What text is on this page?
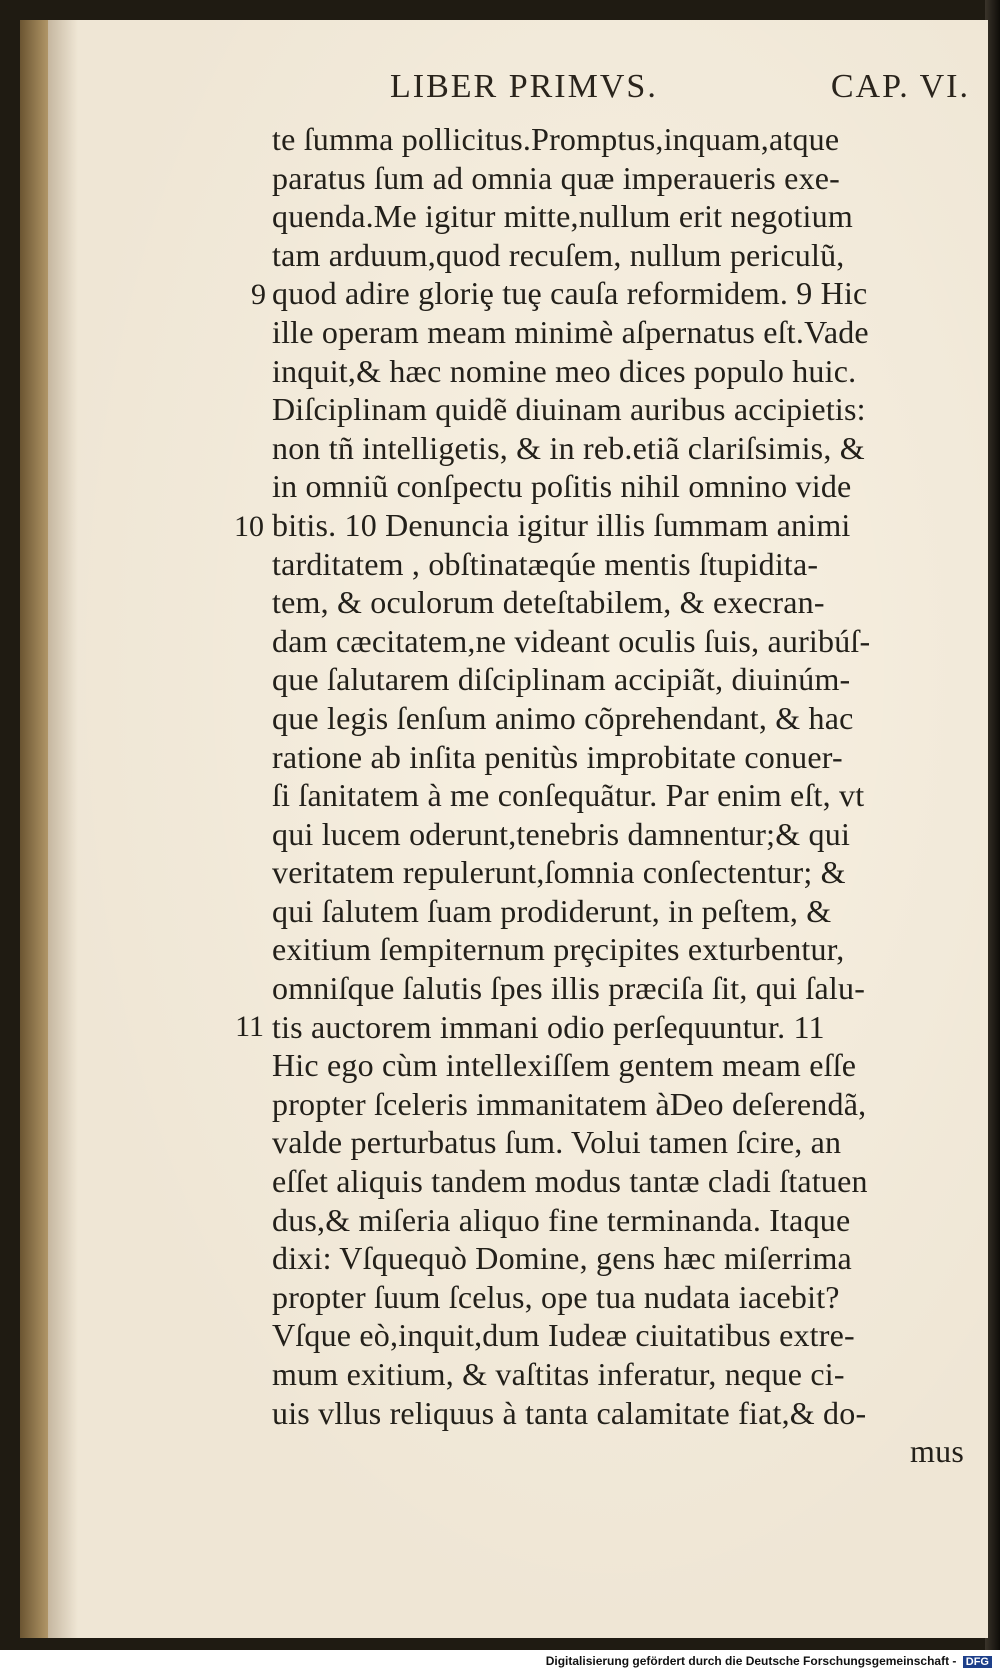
LIBER PRIMVS.	CAP. VI.
9
10
11
te ſumma pollicitus.Promptus,inquam,atque
paratus ſum ad omnia quæ imperaueris exe-
quenda.Me igitur mitte,nullum erit negotium
tam arduum,quod recuſem, nullum periculũ,
quod adire gloriȩ tuȩ cauſa reformidem. 9 Hic
ille operam meam minimè aſpernatus eſt.Vade
inquit,& hæc nomine meo dices populo huic.
Diſciplinam quidẽ diuinam auribus accipietis:
non tñ intelligetis, & in reb.etiã clariſsimis, &
in omniũ conſpectu poſitis nihil omnino vide
bitis. 10 Denuncia igitur illis ſummam animi
tarditatem , obſtinatæqúe mentis ſtupidita-
tem, & oculorum deteſtabilem, & execran-
dam cæcitatem,ne videant oculis ſuis, auribúſ-
que ſalutarem diſciplinam accipiãt, diuinúm-
que legis ſenſum animo cõprehendant, & hac
ratione ab inſita penitùs improbitate conuer-
ſi ſanitatem à me conſequãtur. Par enim eſt, vt
qui lucem oderunt,tenebris damnentur;& qui
veritatem repulerunt,ſomnia conſectentur; &
qui ſalutem ſuam prodiderunt, in peſtem, &
exitium ſempiternum prȩcipites exturbentur,
omniſque ſalutis ſpes illis præciſa ſit, qui ſalu-
tis auctorem immani odio perſequuntur. 11
Hic ego cùm intellexiſſem gentem meam eſſe
propter ſceleris immanitatem àDeo deſerendã,
valde perturbatus ſum. Volui tamen ſcire, an
eſſet aliquis tandem modus tantæ cladi ſtatuen
dus,& miſeria aliquo fine terminanda. Itaque
dixi: Vſquequò Domine, gens hæc miſerrima
propter ſuum ſcelus, ope tua nudata iacebit?
Vſque eò,inquit,dum Iudeæ ciuitatibus extre-
mum exitium, & vaſtitas inferatur, neque ci-
uis vllus reliquus à tanta calamitate fiat,& do-
mus
Digitalisierung gefördert durch die Deutsche Forschungsgemeinschaft - DFG
